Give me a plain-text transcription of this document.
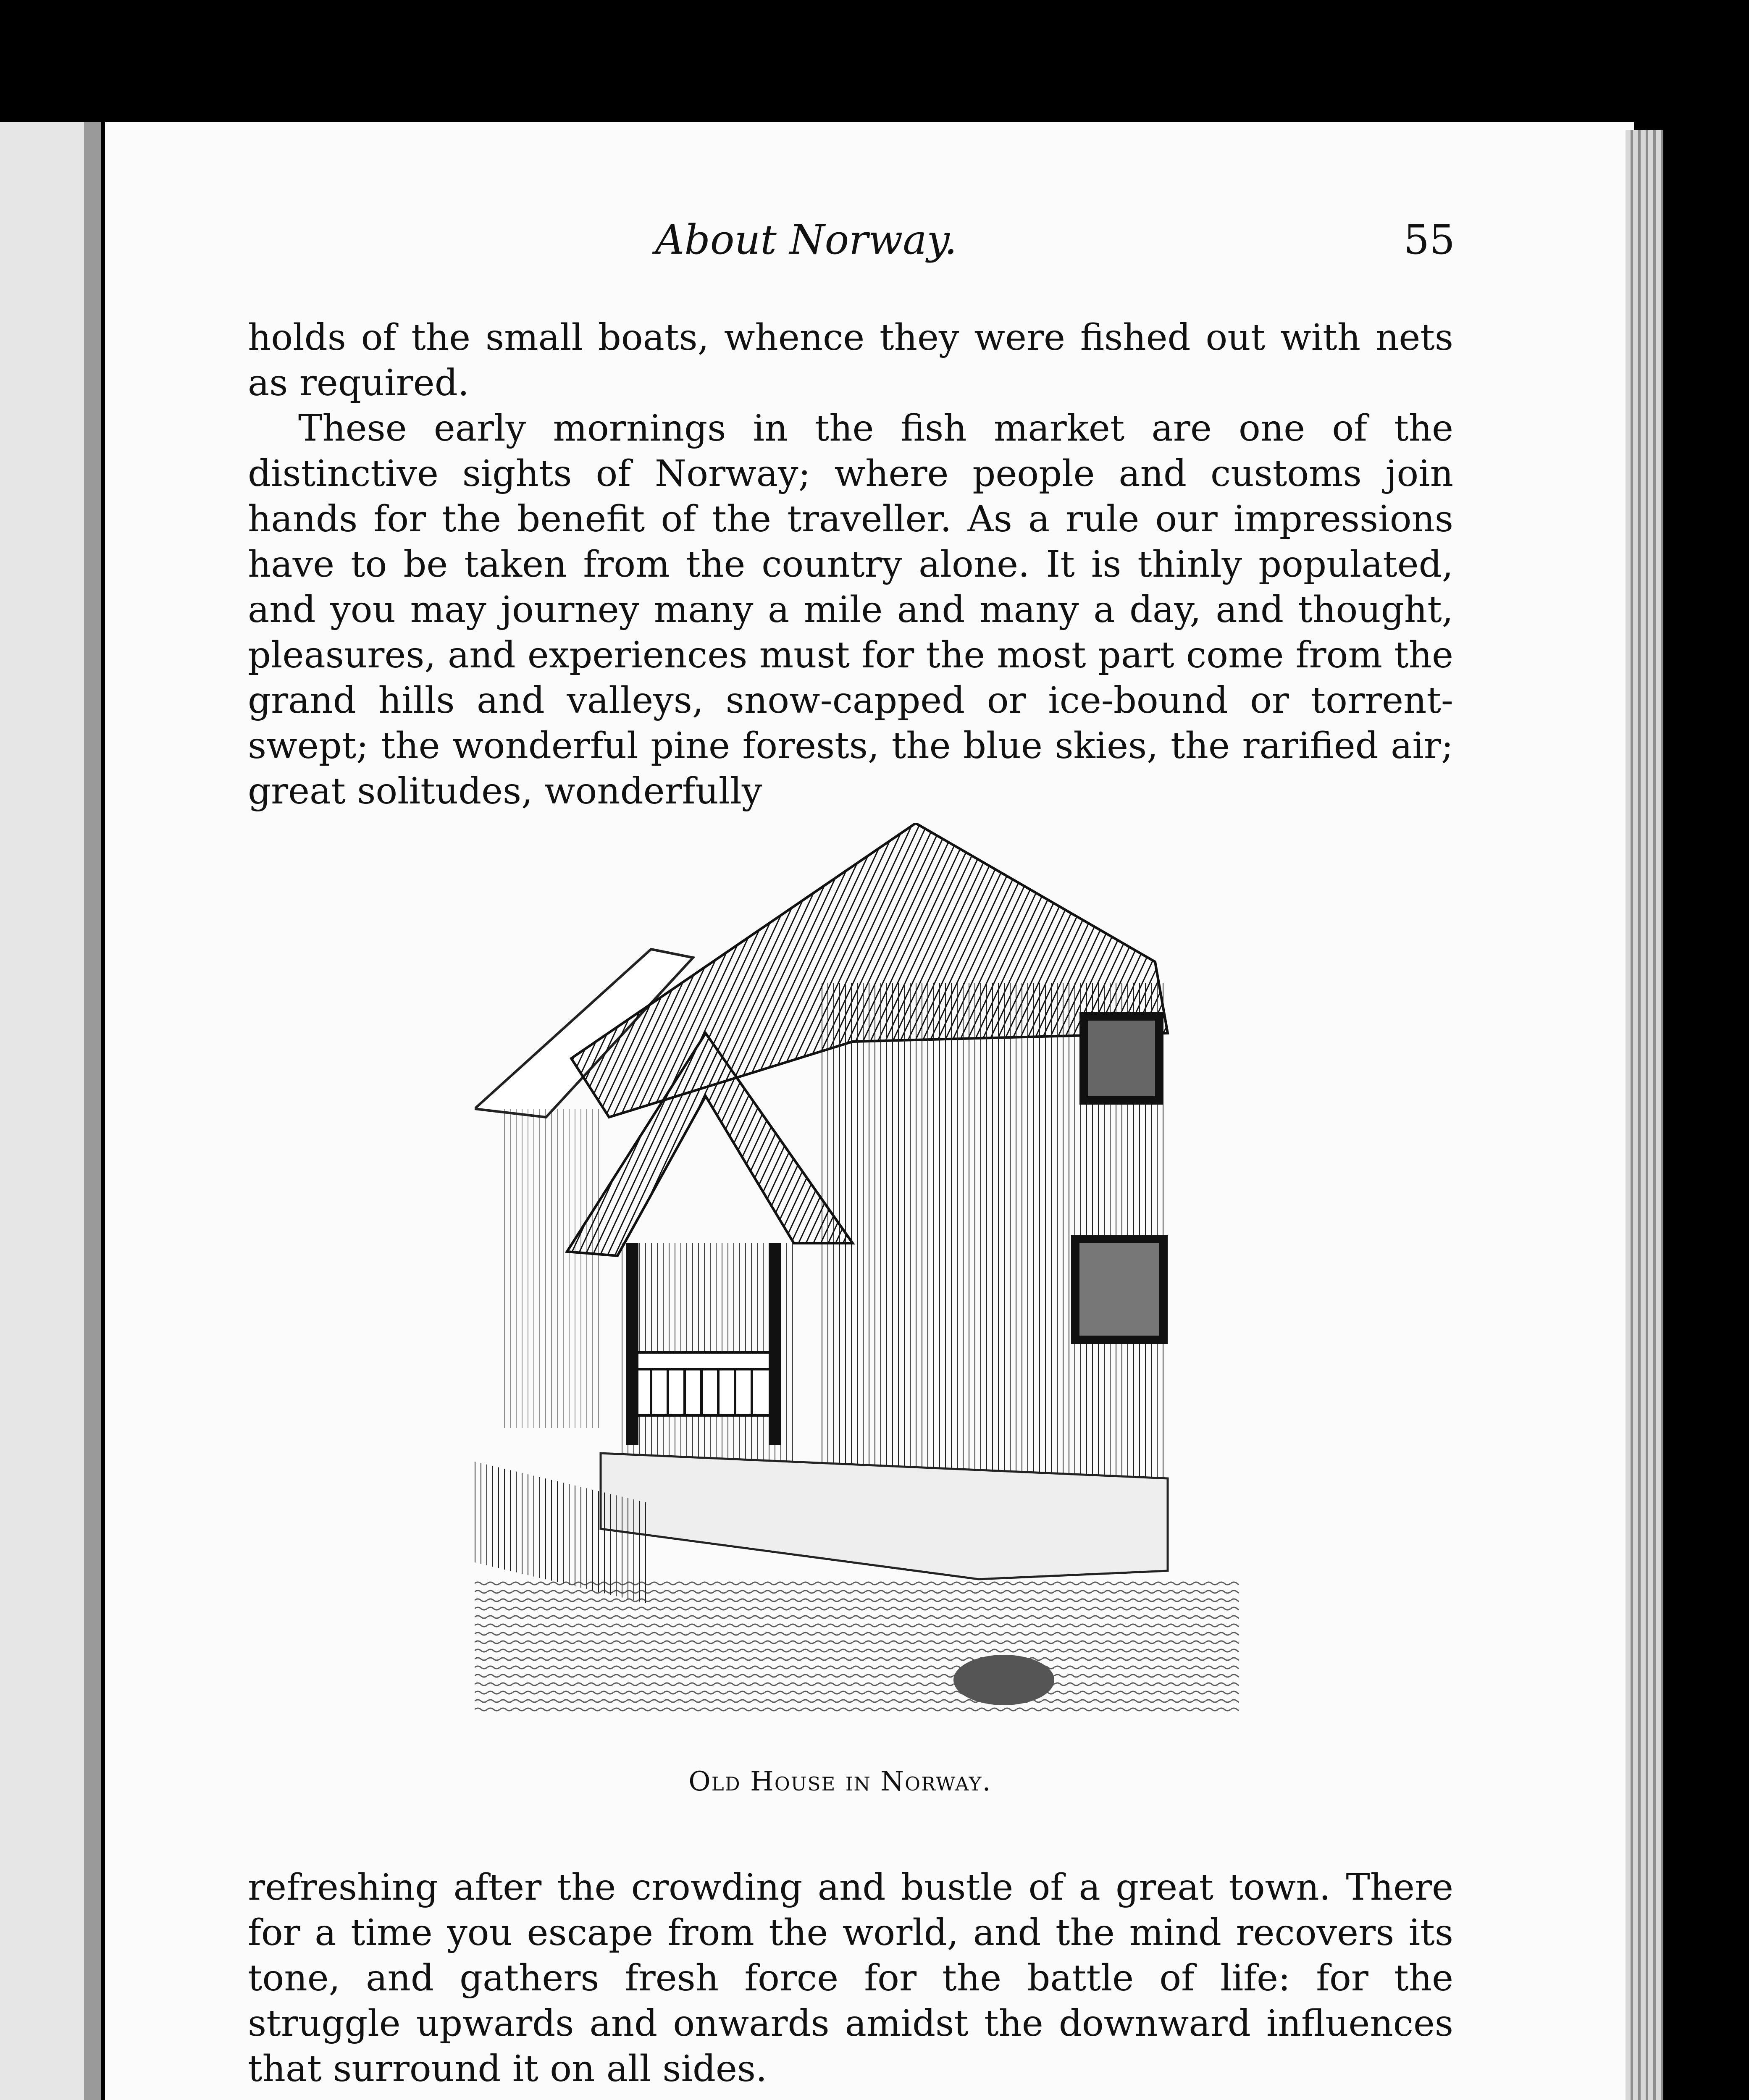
About Norway.	55

holds of the small boats, whence they were fished out with nets as required.

These early mornings in the fish market are one of the distinctive sights of Norway; where people and customs join hands for the benefit of the traveller. As a rule our impressions have to be taken from the country alone. It is thinly populated, and you may journey many a mile and many a day, and thought, pleasures, and experiences must for the most part come from the grand hills and valleys, snow-capped or ice-bound or torrent-swept; the wonderful pine forests, the blue skies, the rarified air; great solitudes, wonderfully

Old House in Norway.

refreshing after the crowding and bustle of a great town. There for a time you escape from the world, and the mind recovers its tone, and gathers fresh force for the battle of life: for the struggle upwards and onwards amidst the downward influences that surround it on all sides.
